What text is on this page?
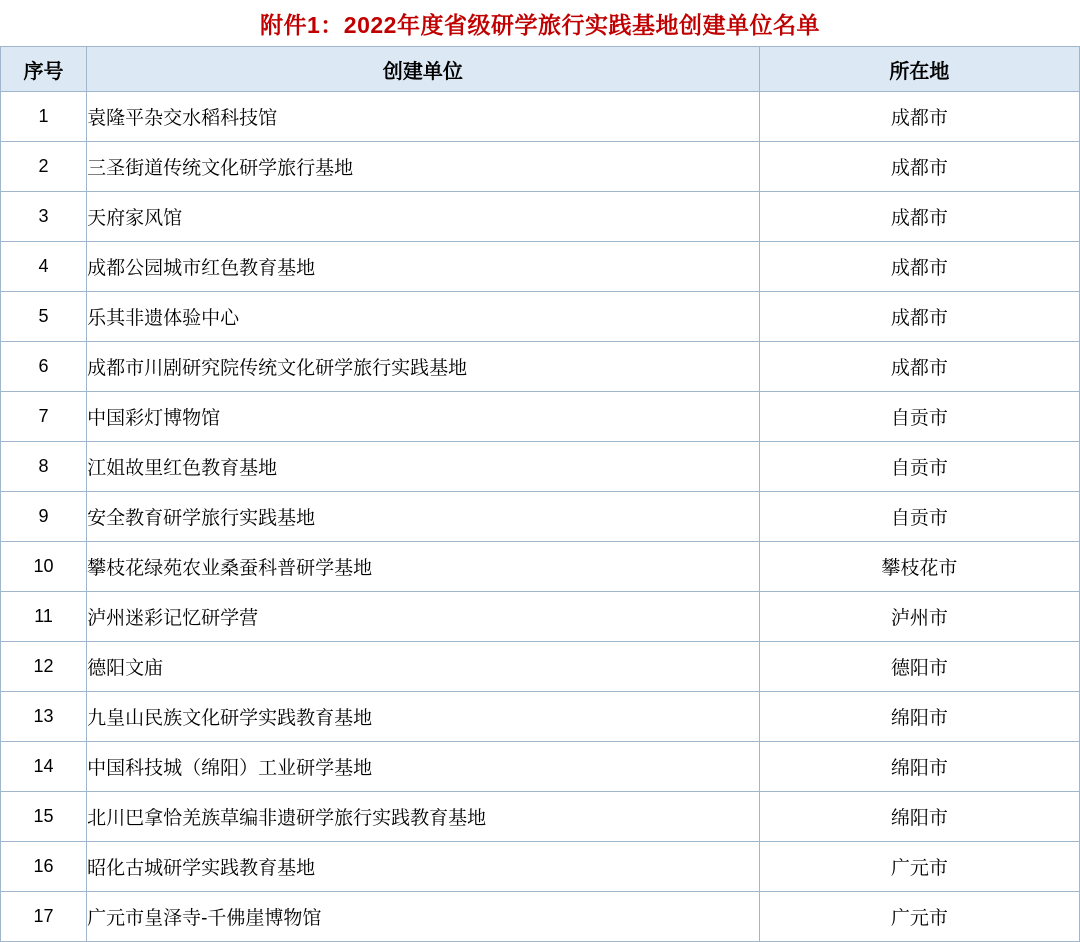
附件1：2022年度省级研学旅行实践基地创建单位名单		
序号	创建单位	所在地
1	袁隆平杂交水稻科技馆	成都市
2	三圣街道传统文化研学旅行基地	成都市
3	天府家风馆	成都市
4	成都公园城市红色教育基地	成都市
5	乐其非遗体验中心	成都市
6	成都市川剧研究院传统文化研学旅行实践基地	成都市
7	中国彩灯博物馆	自贡市
8	江姐故里红色教育基地	自贡市
9	安全教育研学旅行实践基地	自贡市
10	攀枝花绿苑农业桑蚕科普研学基地	攀枝花市
11	泸州迷彩记忆研学营	泸州市
12	德阳文庙	德阳市
13	九皇山民族文化研学实践教育基地	绵阳市
14	中国科技城（绵阳）工业研学基地	绵阳市
15	北川巴拿恰羌族草编非遗研学旅行实践教育基地	绵阳市
16	昭化古城研学实践教育基地	广元市
17	广元市皇泽寺-千佛崖博物馆	广元市
